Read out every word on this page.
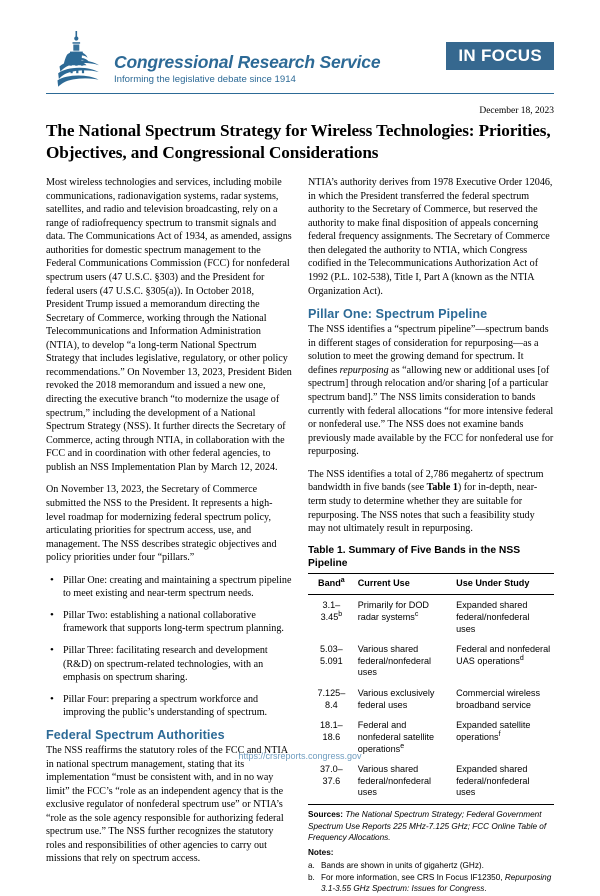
Congressional Research Service
Informing the legislative debate since 1914
IN FOCUS
December 18, 2023
The National Spectrum Strategy for Wireless Technologies: Priorities, Objectives, and Congressional Considerations

Most wireless technologies and services, including mobile communications, radionavigation systems, radar systems, satellites, and radio and television broadcasting, rely on a range of radiofrequency spectrum to transmit signals and data. The Communications Act of 1934, as amended, assigns authorities for domestic spectrum management to the Federal Communications Commission (FCC) for nonfederal spectrum users (47 U.S.C. §303) and the President for federal users (47 U.S.C. §305(a)). In October 2018, President Trump issued a memorandum directing the Secretary of Commerce, working through the National Telecommunications and Information Administration (NTIA), to develop “a long-term National Spectrum Strategy that includes legislative, regulatory, or other policy recommendations.” On November 13, 2023, President Biden revoked the 2018 memorandum and issued a new one, directing the executive branch “to modernize the usage of spectrum,” including the development of a National Spectrum Strategy (NSS). It further directs the Secretary of Commerce, acting through NTIA, in collaboration with the FCC and in coordination with other federal agencies, to publish an NSS Implementation Plan by March 12, 2024.

On November 13, 2023, the Secretary of Commerce submitted the NSS to the President. It represents a high-level roadmap for modernizing federal spectrum policy, articulating priorities for spectrum access, use, and management. The NSS describes strategic objectives and policy priorities under four “pillars.”

• Pillar One: creating and maintaining a spectrum pipeline to meet existing and near-term spectrum needs.
• Pillar Two: establishing a national collaborative framework that supports long-term spectrum planning.
• Pillar Three: facilitating research and development (R&D) on spectrum-related technologies, with an emphasis on spectrum sharing.
• Pillar Four: preparing a spectrum workforce and improving the public’s understanding of spectrum.
Federal Spectrum Authorities

The NSS reaffirms the statutory roles of the FCC and NTIA in national spectrum management, stating that its implementation “must be consistent with, and in no way limit” the FCC’s “role as an independent agency that is the exclusive regulator of nonfederal spectrum use” or NTIA’s “role as the sole agency responsible for authorizing federal spectrum use.” The NSS further recognizes the statutory roles and responsibilities of other agencies to carry out missions that rely on spectrum access.

NTIA’s authority derives from 1978 Executive Order 12046, in which the President transferred the federal spectrum authority to the Secretary of Commerce, but reserved the authority to make final disposition of appeals concerning federal frequency assignments. The Secretary of Commerce then delegated the authority to NTIA, which Congress codified in the Telecommunications Authorization Act of 1992 (P.L. 102-538), Title I, Part A (known as the NTIA Organization Act).

Pillar One: Spectrum Pipeline

The NSS identifies a “spectrum pipeline”—spectrum bands in different stages of consideration for repurposing—as a solution to meet the growing demand for spectrum. It defines repurposing as “allowing new or additional uses [of spectrum] through relocation and/or sharing [of a particular spectrum band].” The NSS limits consideration to bands currently with federal allocations “for more intensive federal or nonfederal use.” The NSS does not examine bands previously made available by the FCC for nonfederal use for repurposing.

The NSS identifies a total of 2,786 megahertz of spectrum bandwidth in five bands (see Table 1) for in-depth, near-term study to determine whether they are suitable for repurposing. The NSS notes that such a feasibility study may not ultimately result in repurposing.

Table 1. Summary of Five Bands in the NSS Pipeline
Band$^a$	Current Use	Use Under Study
3.1–
3.45$^b$	Primarily for DOD radar systems$^c$	Expanded shared federal/nonfederal uses
5.03–
5.091	Various shared federal/nonfederal uses	Federal and nonfederal UAS operations$^d$
7.125–
8.4	Various exclusively federal uses	Commercial wireless broadband service
18.1–
18.6	Federal and nonfederal satellite operations$^e$	Expanded satellite operations$^f$
37.0–
37.6	Various shared federal/nonfederal uses	Expanded shared federal/nonfederal uses
Sources: The National Spectrum Strategy; Federal Government Spectrum Use Reports 225 MHz-7.125 GHz; FCC Online Table of Frequency Allocations.
Notes:
a. Bands are shown in units of gigahertz (GHz).
b. For more information, see CRS In Focus IF12350, Repurposing 3.1-3.55 GHz Spectrum: Issues for Congress.
https://crsreports.congress.gov
